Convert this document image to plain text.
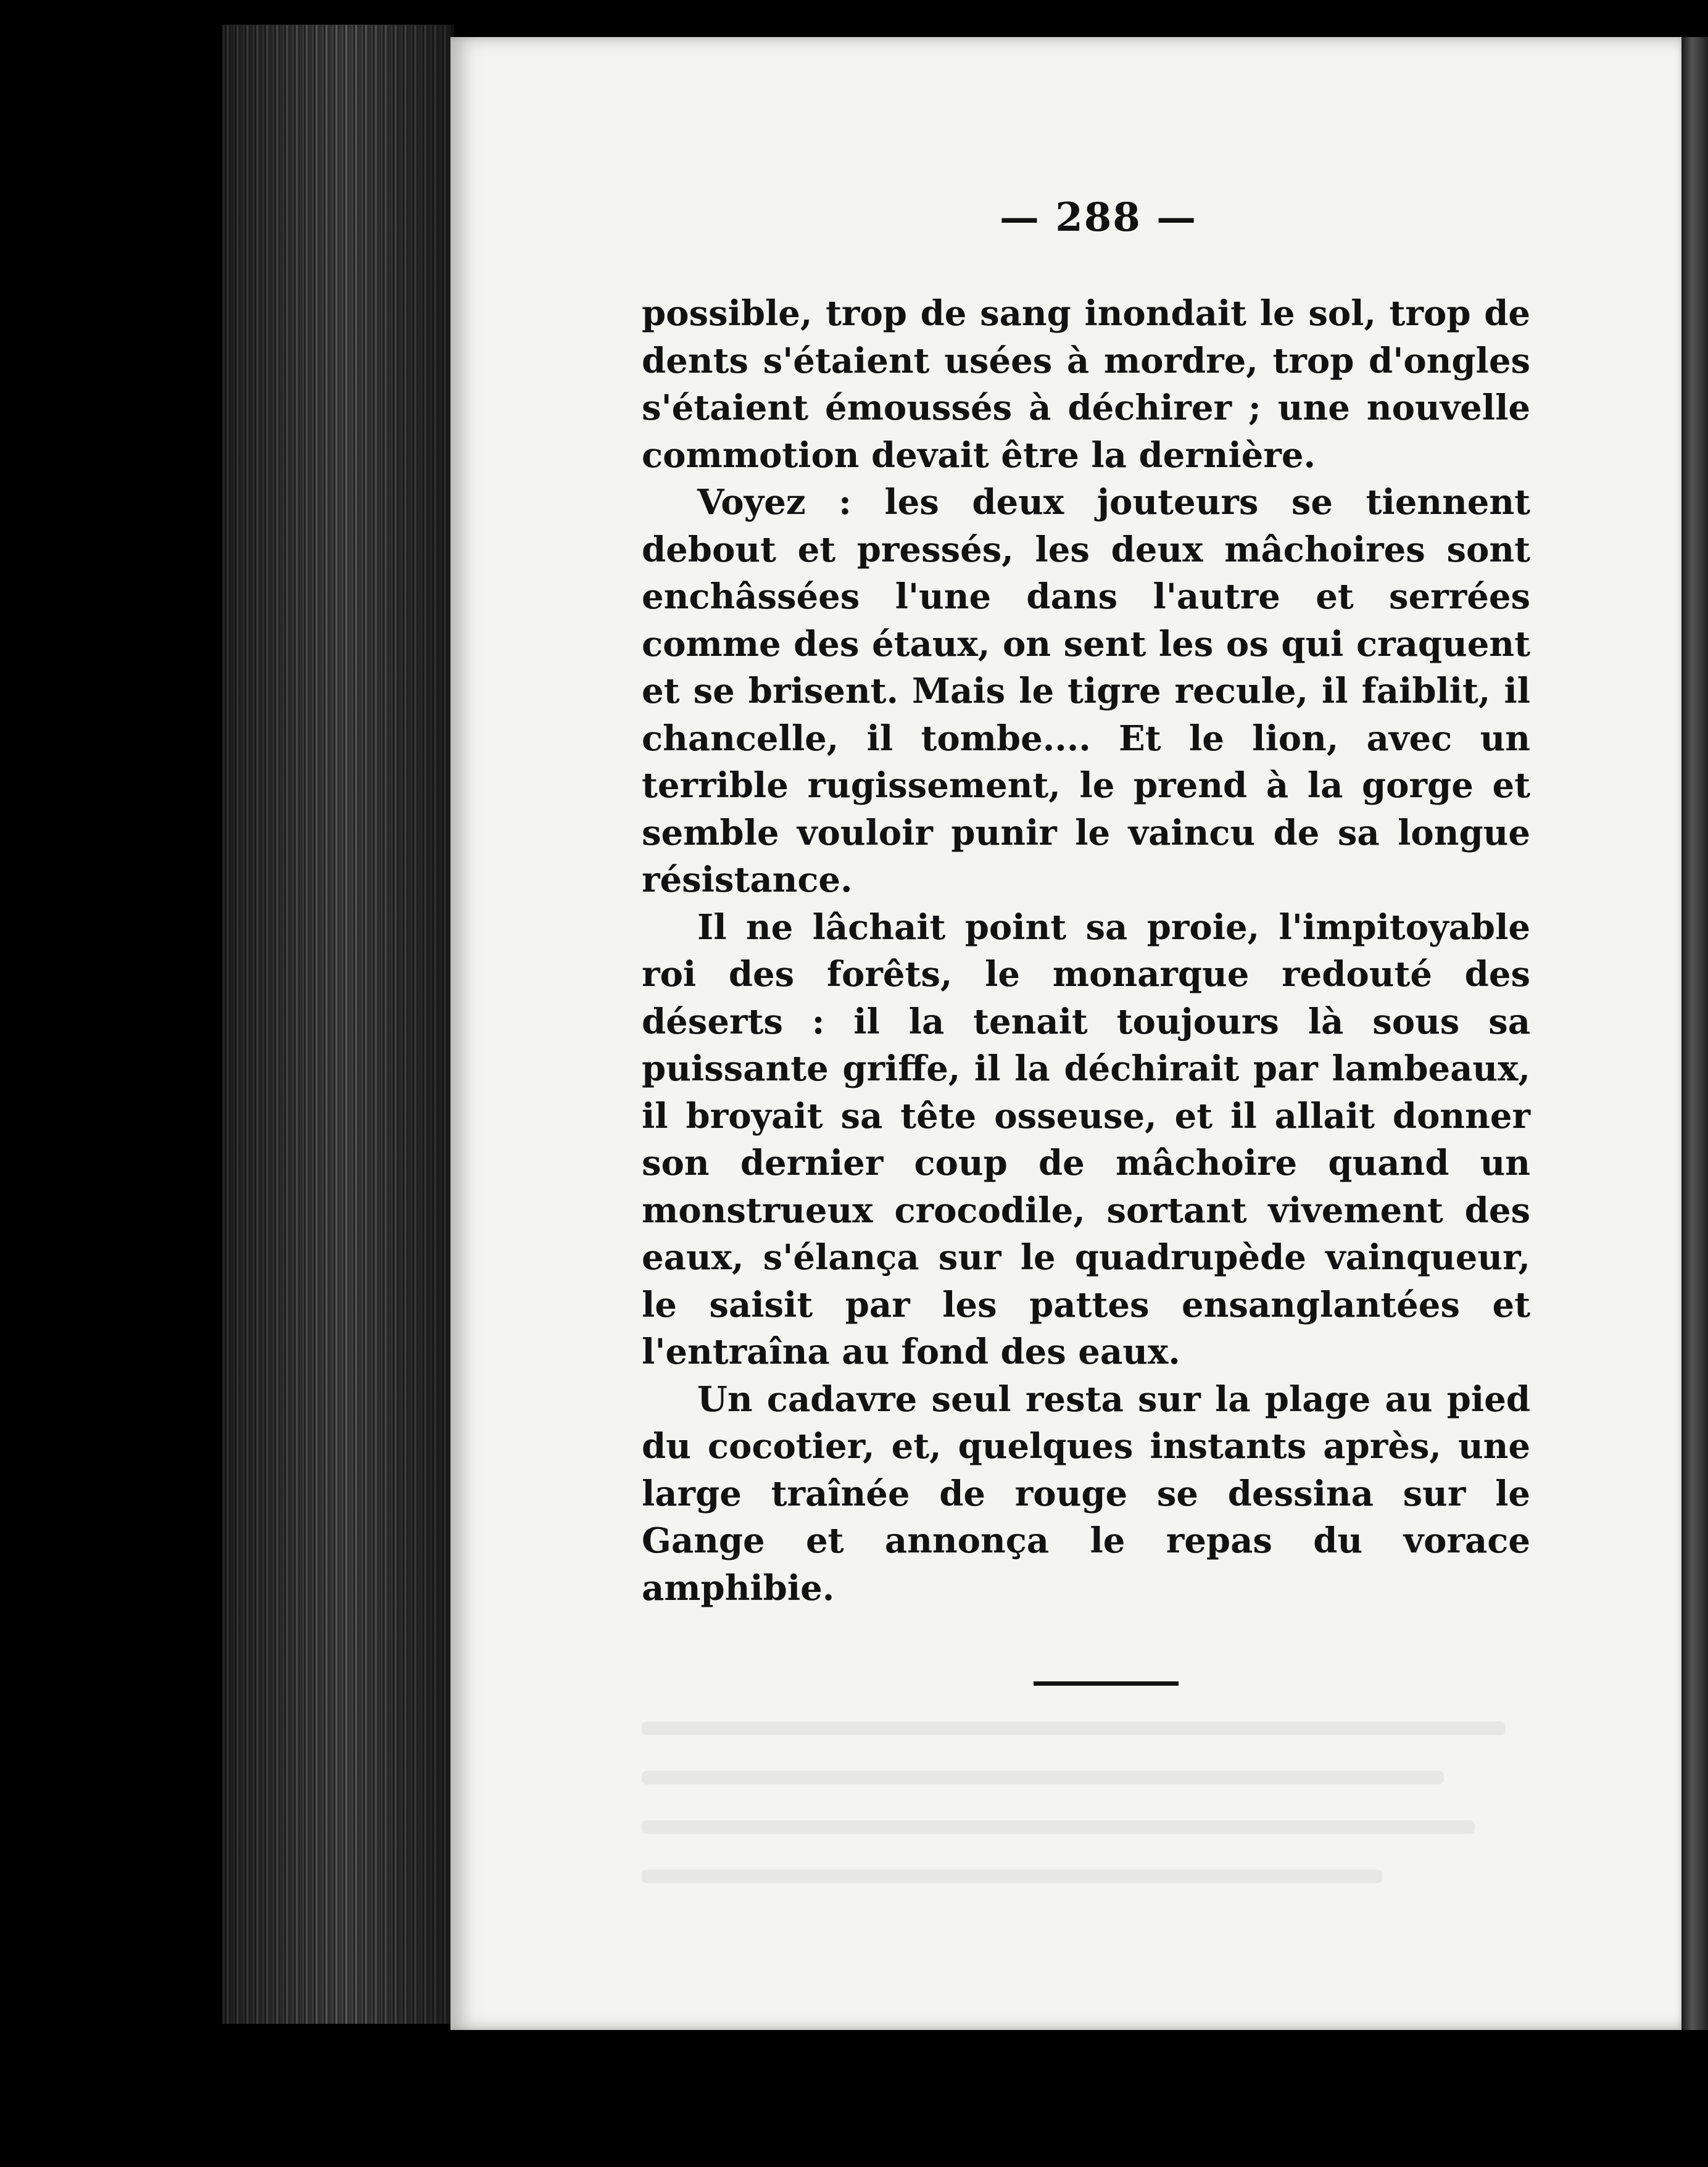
— 288 —

possible, trop de sang inondait le sol, trop de dents s'étaient usées à mordre, trop d'ongles s'étaient émoussés à déchirer ; une nouvelle commotion devait être la dernière.

Voyez : les deux jouteurs se tiennent debout et pressés, les deux mâchoires sont enchâssées l'une dans l'autre et serrées comme des étaux, on sent les os qui craquent et se brisent. Mais le tigre recule, il faiblit, il chancelle, il tombe.... Et le lion, avec un terrible rugissement, le prend à la gorge et semble vouloir punir le vaincu de sa longue résistance.

Il ne lâchait point sa proie, l'impitoyable roi des forêts, le monarque redouté des déserts : il la tenait toujours là sous sa puissante griffe, il la déchirait par lambeaux, il broyait sa tête osseuse, et il allait donner son dernier coup de mâchoire quand un monstrueux crocodile, sortant vivement des eaux, s'élança sur le quadrupède vainqueur, le saisit par les pattes ensanglantées et l'entraîna au fond des eaux.

Un cadavre seul resta sur la plage au pied du cocotier, et, quelques instants après, une large traînée de rouge se dessina sur le Gange et annonça le repas du vorace amphibie.
